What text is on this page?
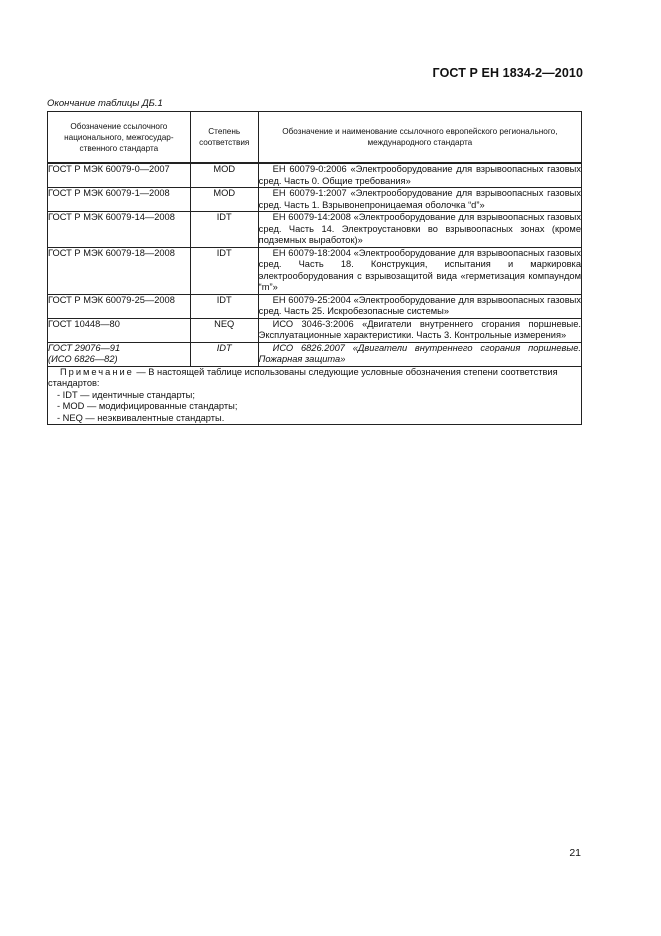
ГОСТ Р ЕН 1834-2—2010
Окончание таблицы ДБ.1
Обозначение ссылочного национального, межгосудар-ственного стандарта	Степень соответствия	Обозначение и наименование ссылочного европейского регионального, международного стандарта
ГОСТ Р МЭК 60079-0—2007	MOD	ЕН 60079-0:2006 «Электрооборудование для взрывоопасных газовых сред. Часть 0. Общие требования»
ГОСТ Р МЭК 60079-1—2008	MOD	ЕН 60079-1:2007 «Электрооборудование для взрывоопасных газовых сред. Часть 1. Взрывонепроницаемая оболочка “d”»
ГОСТ Р МЭК 60079-14—2008	IDT	ЕН 60079-14:2008 «Электрооборудование для взрывоопасных газовых сред. Часть 14. Электроустановки во взрывоопасных зонах (кроме подземных выработок)»
ГОСТ Р МЭК 60079-18—2008	IDT	ЕН 60079-18:2004 «Электрооборудование для взрывоопасных газовых сред. Часть 18. Конструкция, испытания и маркировка электрооборудования с взрывозащитой вида «герметизация компаундом “m”»
ГОСТ Р МЭК 60079-25—2008	IDT	ЕН 60079-25:2004 «Электрооборудование для взрывоопасных газовых сред. Часть 25. Искробезопасные системы»
ГОСТ 10448—80	NEQ	ИСО 3046-3:2006 «Двигатели внутреннего сгорания поршневые. Эксплуатационные характеристики. Часть 3. Контрольные измерения»
ГОСТ 29076—91
(ИСО 6826—82)	IDT	ИСО 6826.2007 «Двигатели внутреннего сгорания поршневые. Пожарная защита»
Примечание — В настоящей таблице использованы следующие условные обозначения степени соответствия стандартов:
- IDT — идентичные стандарты;
- MOD — модифицированные стандарты;
- NEQ — неэквивалентные стандарты.		
21
